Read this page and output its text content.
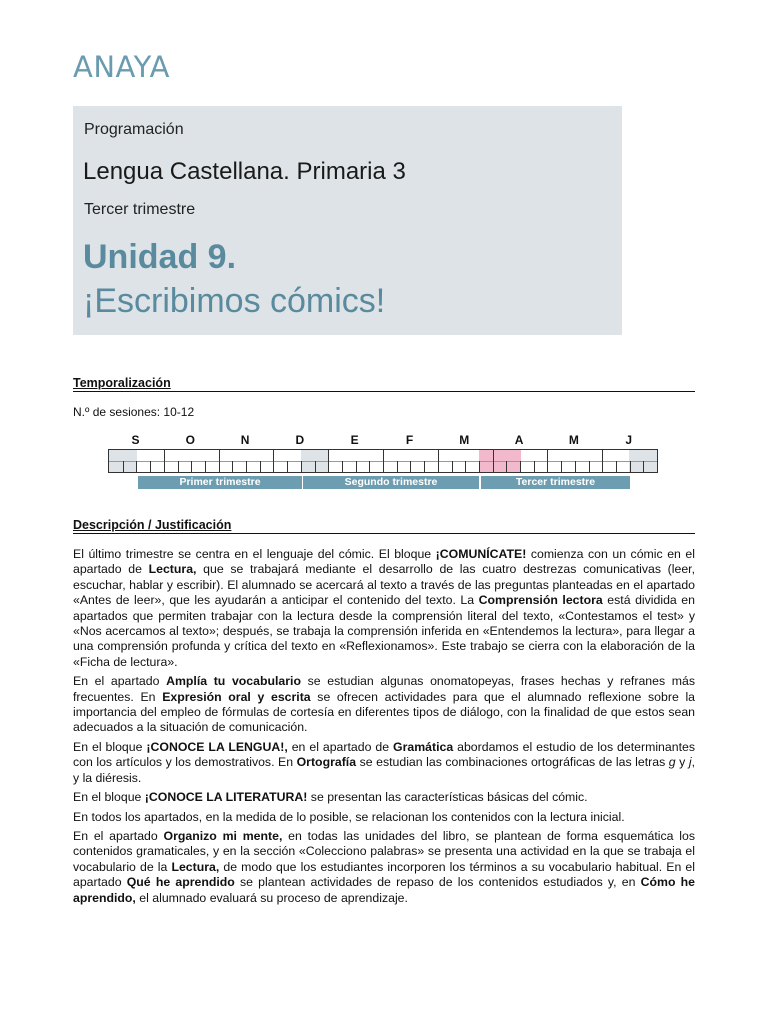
ANAYA
Programación
Lengua Castellana. Primaria 3
Tercer trimestre
Unidad 9.
¡Escribimos cómics!
Temporalización
N.º de sesiones: 10-12
S	O	N	D	E	F	M	A	M	J
Primer trimestre	Segundo trimestre	Tercer trimestre
Descripción / Justificación

El último trimestre se centra en el lenguaje del cómic. El bloque ¡COMUNÍCATE! comienza con un cómic en el apartado de Lectura, que se trabajará mediante el desarrollo de las cuatro destrezas comunicativas (leer, escuchar, hablar y escribir). El alumnado se acercará al texto a través de las preguntas planteadas en el apartado «Antes de leer», que les ayudarán a anticipar el contenido del texto. La Comprensión lectora está dividida en apartados que permiten trabajar con la lectura desde la comprensión literal del texto, «Contestamos el test» y «Nos acercamos al texto»; después, se trabaja la comprensión inferida en «Entendemos la lectura», para llegar a una comprensión profunda y crítica del texto en «Reflexionamos». Este trabajo se cierra con la elaboración de la «Ficha de lectura».

En el apartado Amplía tu vocabulario se estudian algunas onomatopeyas, frases hechas y refranes más frecuentes. En Expresión oral y escrita se ofrecen actividades para que el alumnado reflexione sobre la importancia del empleo de fórmulas de cortesía en diferentes tipos de diálogo, con la finalidad de que estos sean adecuados a la situación de comunicación.

En el bloque ¡CONOCE LA LENGUA!, en el apartado de Gramática abordamos el estudio de los determinantes con los artículos y los demostrativos. En Ortografía se estudian las combinaciones ortográficas de las letras g y j, y la diéresis.

En el bloque ¡CONOCE LA LITERATURA! se presentan las características básicas del cómic.

En todos los apartados, en la medida de lo posible, se relacionan los contenidos con la lectura inicial.

En el apartado Organizo mi mente, en todas las unidades del libro, se plantean de forma esquemática los contenidos gramaticales, y en la sección «Colecciono palabras» se presenta una actividad en la que se trabaja el vocabulario de la Lectura, de modo que los estudiantes incorporen los términos a su vocabulario habitual. En el apartado Qué he aprendido se plantean actividades de repaso de los contenidos estudiados y, en Cómo he aprendido, el alumnado evaluará su proceso de aprendizaje.
